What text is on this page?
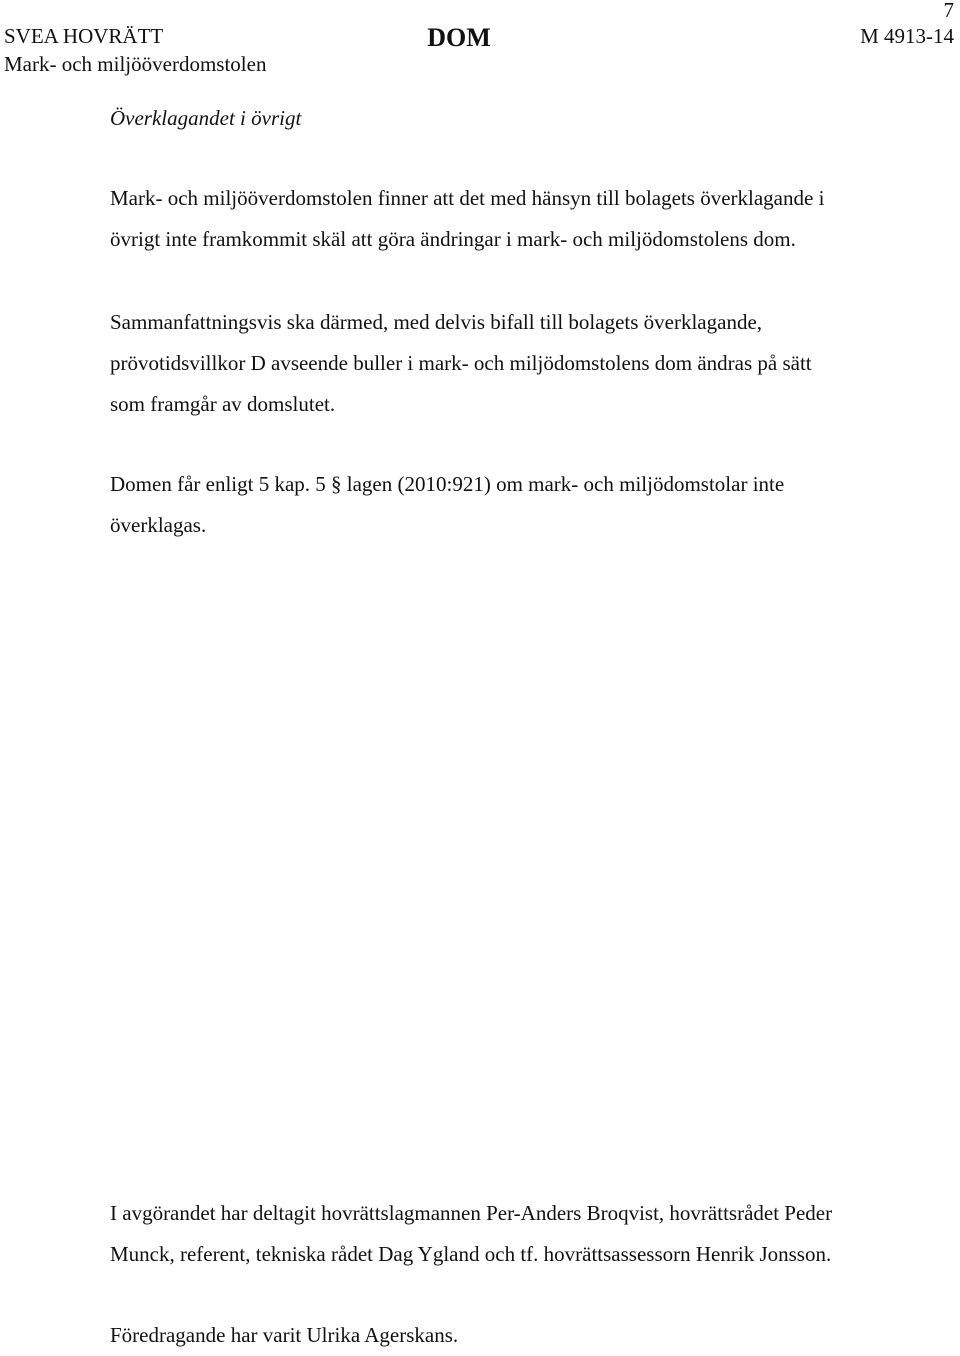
7
SVEA HOVRÄTT
Mark- och miljööverdomstolen
DOM	M 4913-14
Överklagandet i övrigt
Mark- och miljööverdomstolen finner att det med hänsyn till bolagets överklagande i
övrigt inte framkommit skäl att göra ändringar i mark- och miljödomstolens dom.
Sammanfattningsvis ska därmed, med delvis bifall till bolagets överklagande,
prövotidsvillkor D avseende buller i mark- och miljödomstolens dom ändras på sätt
som framgår av domslutet.
Domen får enligt 5 kap. 5 § lagen (2010:921) om mark- och miljödomstolar inte
överklagas.
I avgörandet har deltagit hovrättslagmannen Per-Anders Broqvist, hovrättsrådet Peder
Munck, referent, tekniska rådet Dag Ygland och tf. hovrättsassessorn Henrik Jonsson.
Föredragande har varit Ulrika Agerskans.
